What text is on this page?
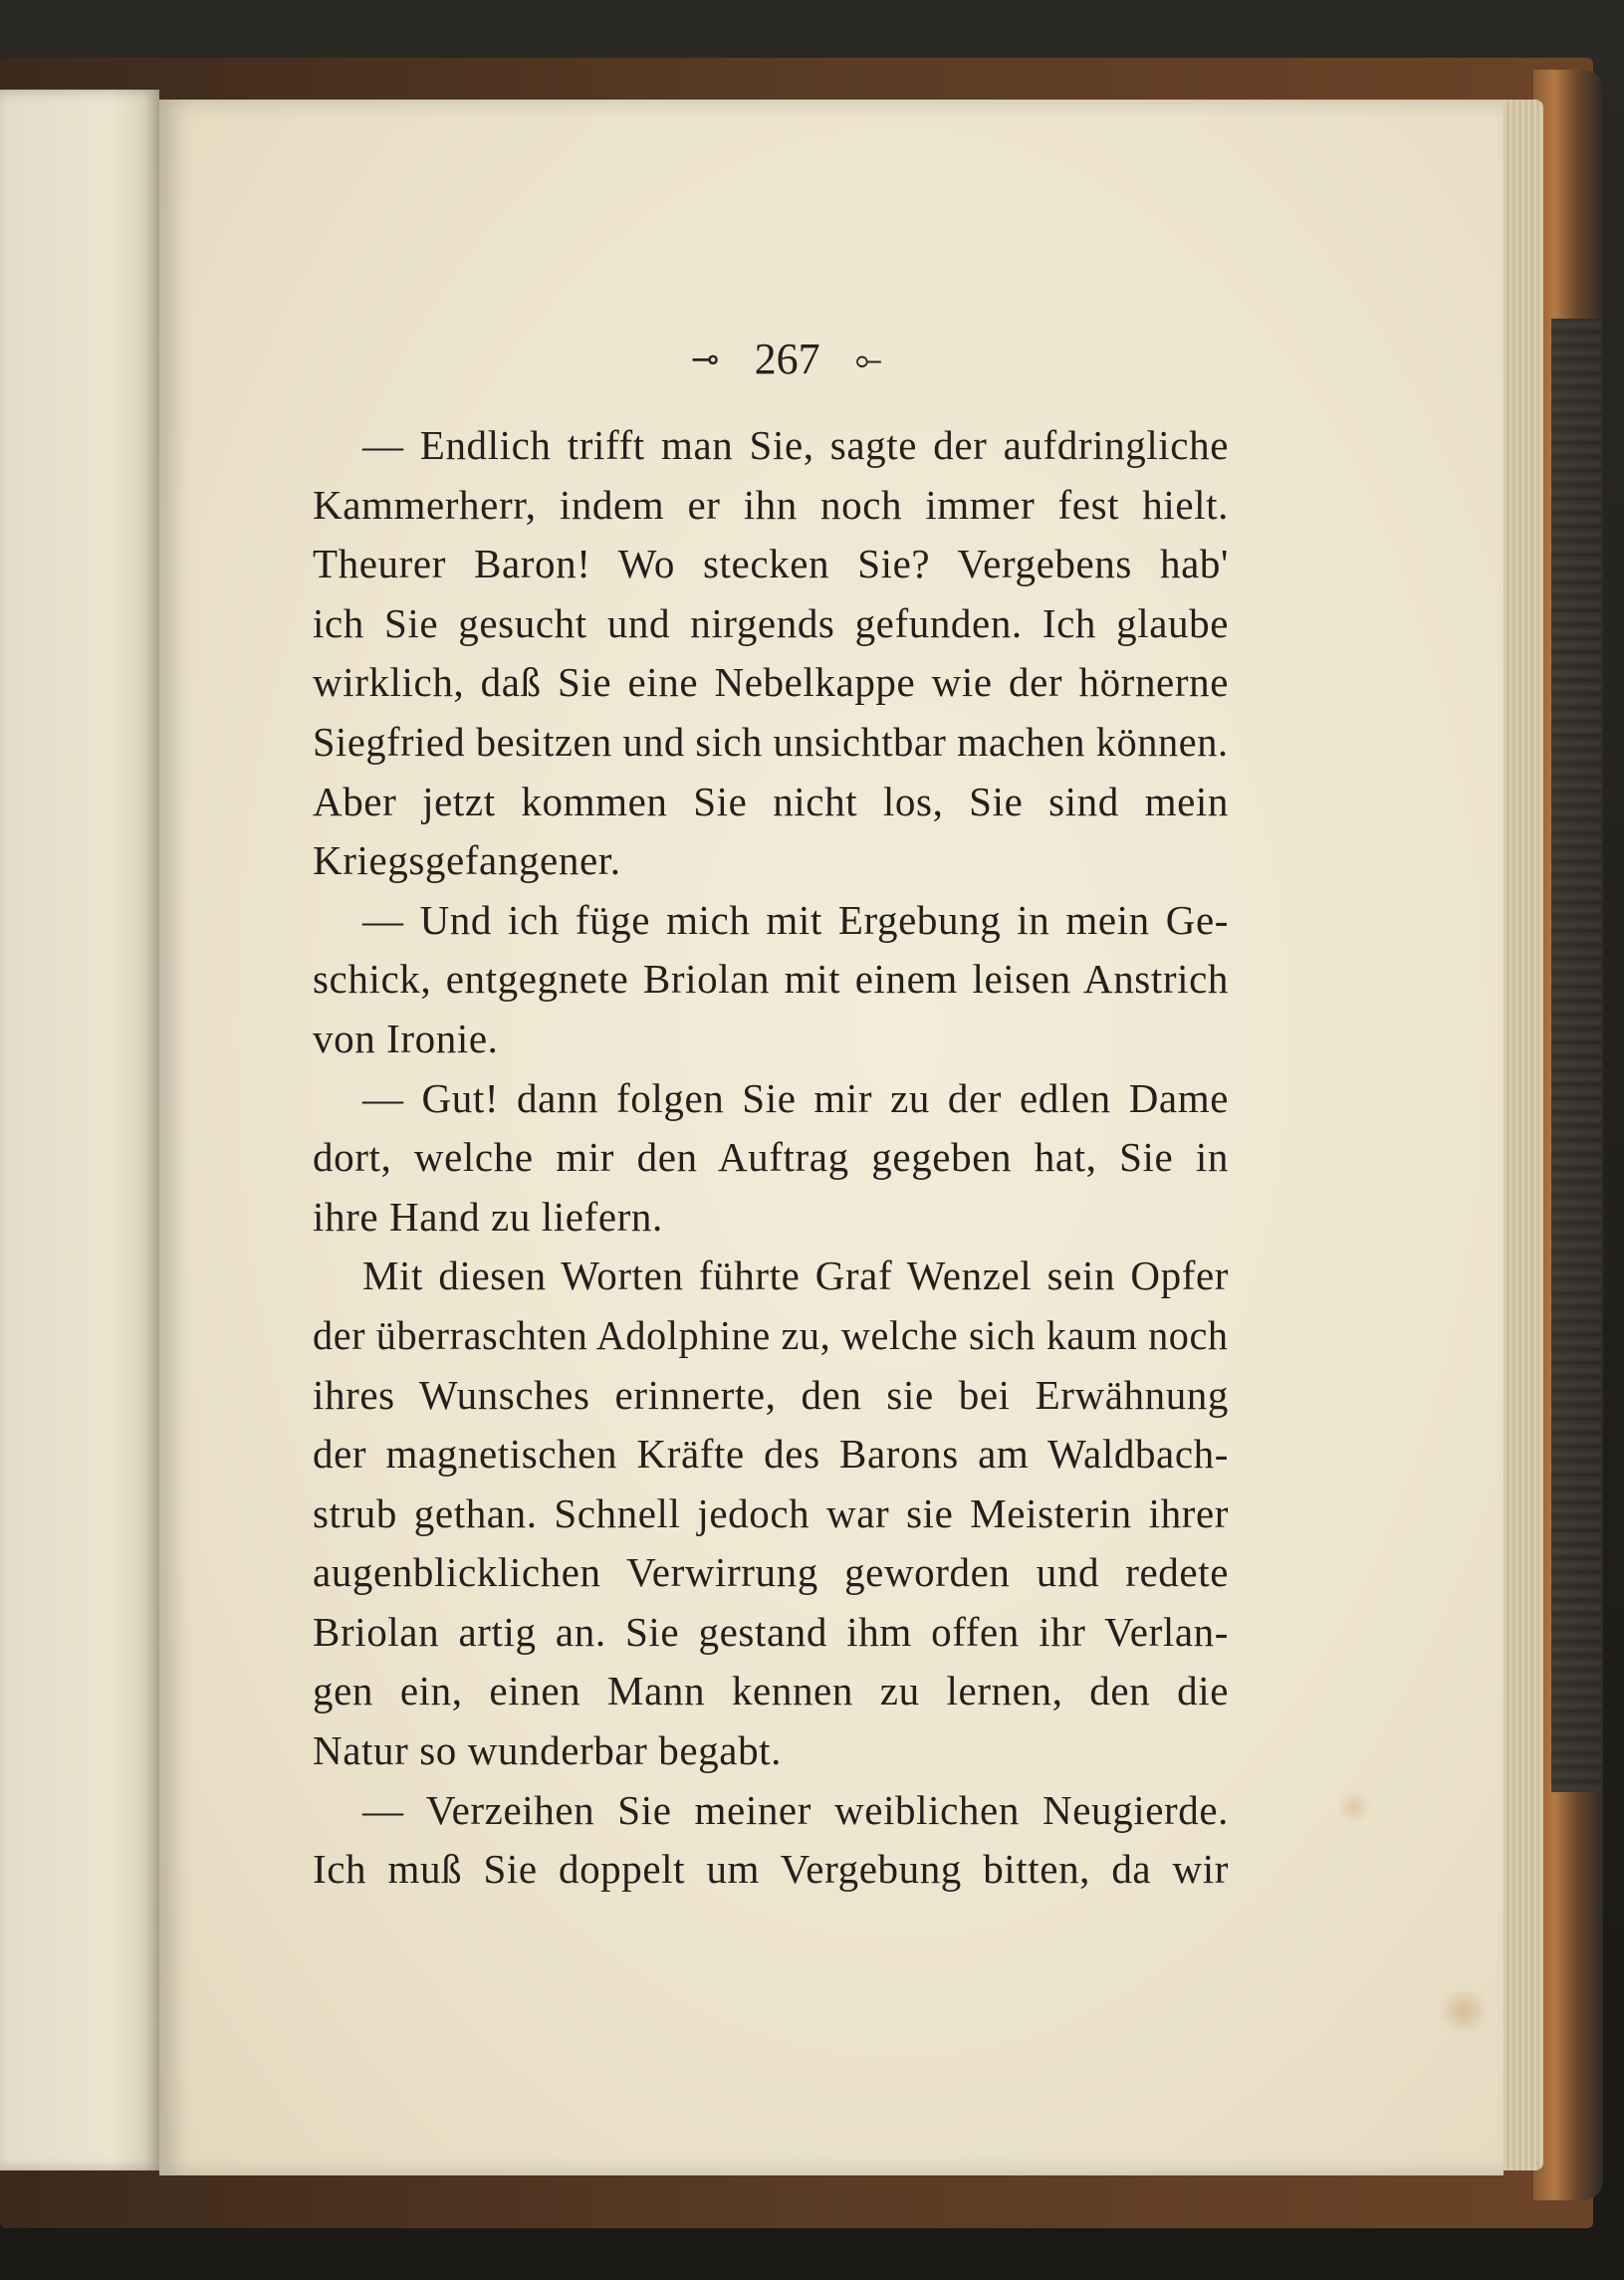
⊸ 267 ⟜
— Endlich trifft man Sie, sagte der aufdringliche
Kammerherr, indem er ihn noch immer fest hielt.
Theurer Baron! Wo stecken Sie? Vergebens hab'
ich Sie gesucht und nirgends gefunden. Ich glaube
wirklich, daß Sie eine Nebelkappe wie der hörnerne
Siegfried besitzen und sich unsichtbar machen können.
Aber jetzt kommen Sie nicht los, Sie sind mein
Kriegsgefangener.
— Und ich füge mich mit Ergebung in mein Ge-
schick, entgegnete Briolan mit einem leisen Anstrich
von Ironie.
— Gut! dann folgen Sie mir zu der edlen Dame
dort, welche mir den Auftrag gegeben hat, Sie in
ihre Hand zu liefern.
Mit diesen Worten führte Graf Wenzel sein Opfer
der überraschten Adolphine zu, welche sich kaum noch
ihres Wunsches erinnerte, den sie bei Erwähnung
der magnetischen Kräfte des Barons am Waldbach-
strub gethan. Schnell jedoch war sie Meisterin ihrer
augenblicklichen Verwirrung geworden und redete
Briolan artig an. Sie gestand ihm offen ihr Verlan-
gen ein, einen Mann kennen zu lernen, den die
Natur so wunderbar begabt.
— Verzeihen Sie meiner weiblichen Neugierde.
Ich muß Sie doppelt um Vergebung bitten, da wir
